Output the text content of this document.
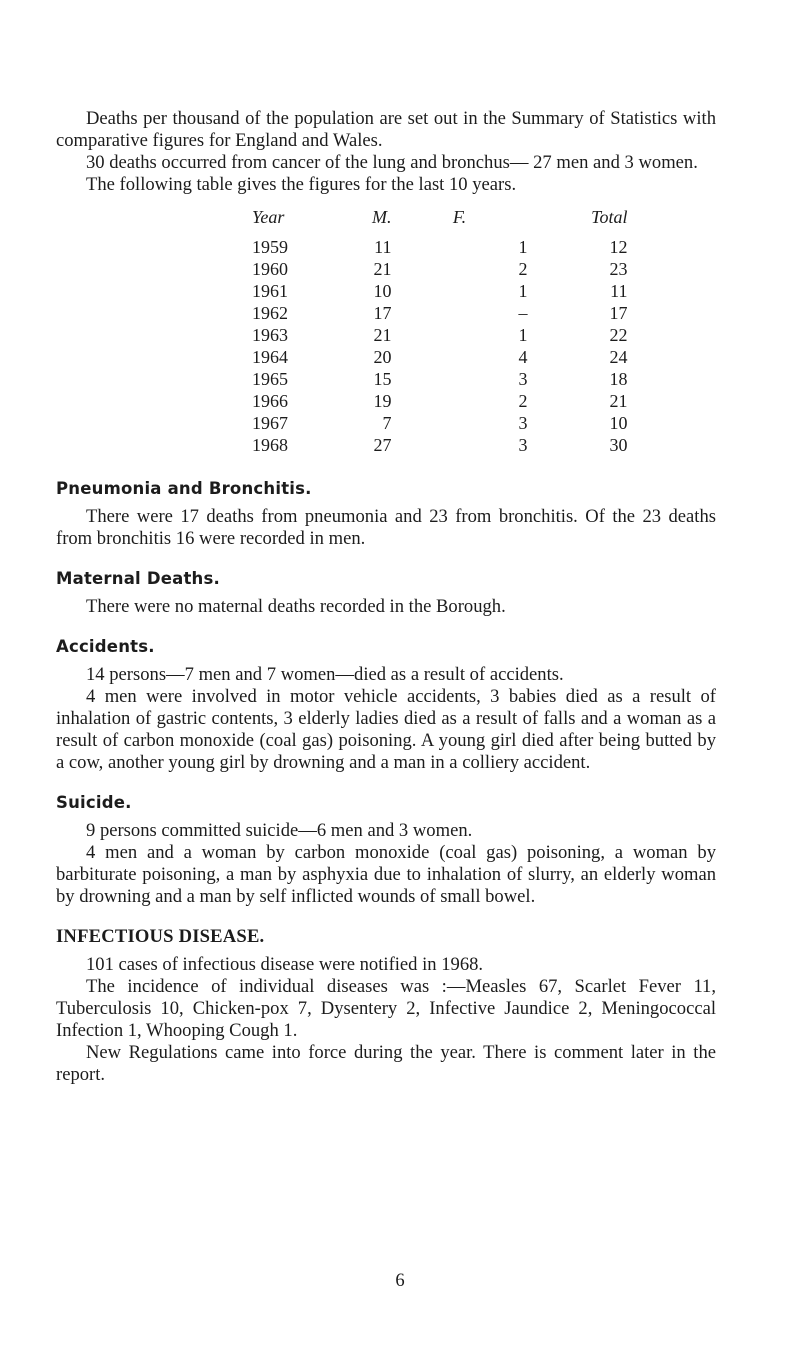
Deaths per thousand of the population are set out in the Summary of Statistics with comparative figures for England and Wales.

30 deaths occurred from cancer of the lung and bronchus— 27 men and 3 women.

The following table gives the figures for the last 10 years.

Year	M.	F.	Total
1959	11	1	12
1960	21	2	23
1961	10	1	11
1962	17	–	17
1963	21	1	22
1964	20	4	24
1965	15	3	18
1966	19	2	21
1967	7	3	10
1968	27	3	30
Pneumonia and Bronchitis.

There were 17 deaths from pneumonia and 23 from bronchitis. Of the 23 deaths from bronchitis 16 were recorded in men.

Maternal Deaths.

There were no maternal deaths recorded in the Borough.

Accidents.

14 persons—7 men and 7 women—died as a result of accidents.

4 men were involved in motor vehicle accidents, 3 babies died as a result of inhalation of gastric contents, 3 elderly ladies died as a result of falls and a woman as a result of carbon monoxide (coal gas) poisoning. A young girl died after being butted by a cow, another young girl by drowning and a man in a colliery accident.

Suicide.

9 persons committed suicide—6 men and 3 women.

4 men and a woman by carbon monoxide (coal gas) poisoning, a woman by barbiturate poisoning, a man by asphyxia due to inhalation of slurry, an elderly woman by drowning and a man by self inflicted wounds of small bowel.

INFECTIOUS DISEASE.

101 cases of infectious disease were notified in 1968.

The incidence of individual diseases was :—Measles 67, Scarlet Fever 11, Tuberculosis 10, Chicken-pox 7, Dysentery 2, Infective Jaundice 2, Meningococcal Infection 1, Whooping Cough 1.

New Regulations came into force during the year. There is comment later in the report.

6
